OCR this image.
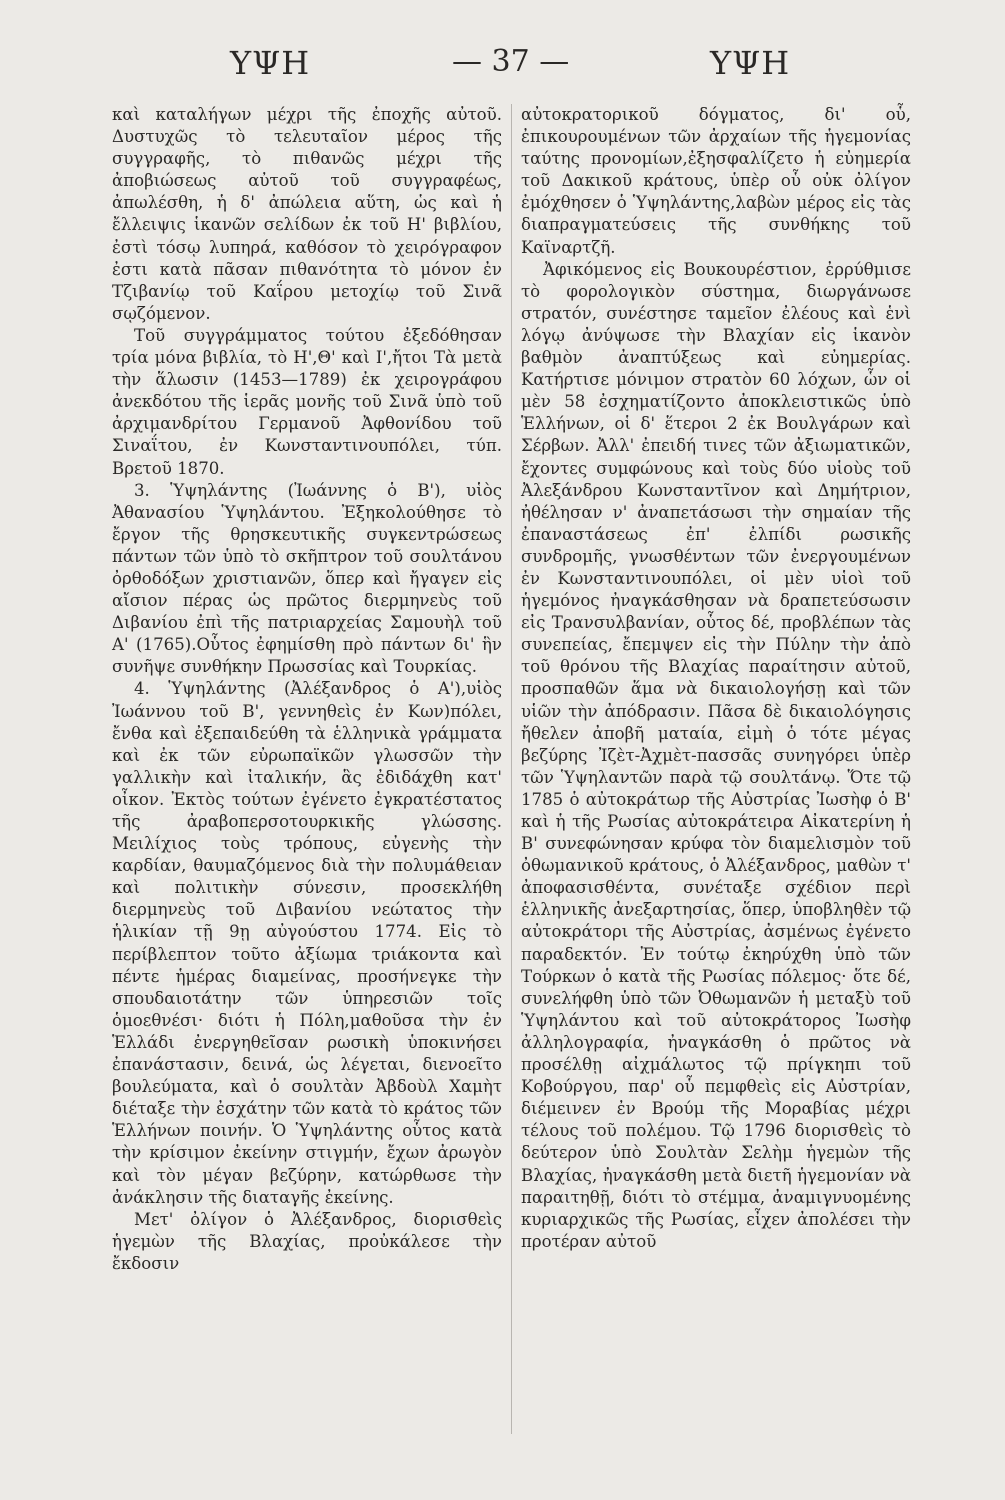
ΥΨΗ	— 37 —	ΥΨΗ

καὶ καταλήγων μέχρι τῆς ἐποχῆς αὐτοῦ. Δυστυχῶς τὸ τελευταῖον μέρος τῆς συγγραφῆς, τὸ πιθανῶς μέχρι τῆς ἀποβιώσεως αὐτοῦ τοῦ συγγραφέως, ἀπωλέσθη, ἡ δ' ἀπώλεια αὕτη, ὡς καὶ ἡ ἔλλειψις ἱκανῶν σελίδων ἐκ τοῦ Η' βιβλίου, ἐστὶ τόσῳ λυπηρά, καθόσον τὸ χειρόγραφον ἐστι κατὰ πᾶσαν πιθανότητα τὸ μόνον ἐν Τζιβανίῳ τοῦ Καΐρου μετοχίῳ τοῦ Σινᾶ σῳζόμενον.

Τοῦ συγγράμματος τούτου ἐξεδόθησαν τρία μόνα βιβλία, τὸ Η',Θ' καὶ Ι',ἤτοι Τὰ μετὰ τὴν ἅλωσιν (1453—1789) ἐκ χειρογράφου ἀνεκδότου τῆς ἱερᾶς μονῆς τοῦ Σινᾶ ὑπὸ τοῦ ἀρχιμανδρίτου Γερμανοῦ Ἀφθονίδου τοῦ Σιναΐτου, ἐν Κωνσταντινουπόλει, τύπ. Βρετοῦ 1870.

3. Ὑψηλάντης (Ἰωάννης ὁ Β'), υἱὸς Ἀθανασίου Ὑψηλάντου. Ἐξηκολούθησε τὸ ἔργον τῆς θρησκευτικῆς συγκεντρώσεως πάντων τῶν ὑπὸ τὸ σκῆπτρον τοῦ σουλτάνου ὀρθοδόξων χριστιανῶν, ὅπερ καὶ ἤγαγεν εἰς αἴσιον πέρας ὡς πρῶτος διερμηνεὺς τοῦ Διβανίου ἐπὶ τῆς πατριαρχείας Σαμουὴλ τοῦ Α' (1765).Οὗτος ἐφημίσθη πρὸ πάντων δι' ἣν συνῆψε συνθήκην Πρωσσίας καὶ Τουρκίας.

4. Ὑψηλάντης (Ἀλέξανδρος ὁ Α'),υἱὸς Ἰωάννου τοῦ Β', γεννηθεὶς ἐν Κων)πόλει, ἔνθα καὶ ἐξεπαιδεύθη τὰ ἑλληνικὰ γράμματα καὶ ἐκ τῶν εὐρωπαϊκῶν γλωσσῶν τὴν γαλλικὴν καὶ ἰταλικήν, ἃς ἐδιδάχθη κατ' οἶκον. Ἐκτὸς τούτων ἐγένετο ἐγκρατέστατος τῆς ἀραβοπερσοτουρκικῆς γλώσσης. Μειλίχιος τοὺς τρόπους, εὐγενὴς τὴν καρδίαν, θαυμαζόμενος διὰ τὴν πολυμάθειαν καὶ πολιτικὴν σύνεσιν, προσεκλήθη διερμηνεὺς τοῦ Διβανίου νεώτατος τὴν ἡλικίαν τῇ 9ῃ αὐγούστου 1774. Εἰς τὸ περίβλεπτον τοῦτο ἀξίωμα τριάκοντα καὶ πέντε ἡμέρας διαμείνας, προσήνεγκε τὴν σπουδαιοτάτην τῶν ὑπηρεσιῶν τοῖς ὁμοεθνέσι· διότι ἡ Πόλη,μαθοῦσα τὴν ἐν Ἑλλάδι ἐνεργηθεῖσαν ρωσικὴ ὑποκινήσει ἐπανάστασιν, δεινά, ὡς λέγεται, διενοεῖτο βουλεύματα, καὶ ὁ σουλτὰν Ἀβδοὺλ Χαμὴτ διέταξε τὴν ἐσχάτην τῶν κατὰ τὸ κράτος τῶν Ἑλλήνων ποινήν. Ὁ Ὑψηλάντης οὗτος κατὰ τὴν κρίσιμον ἐκείνην στιγμήν, ἔχων ἀρωγὸν καὶ τὸν μέγαν βεζύρην, κατώρθωσε τὴν ἀνάκλησιν τῆς διαταγῆς ἐκείνης.

Μετ' ὀλίγον ὁ Ἀλέξανδρος, διορισθεὶς ἡγεμὼν τῆς Βλαχίας, προὐκάλεσε τὴν ἔκδοσιν

αὐτοκρατορικοῦ δόγματος, δι' οὗ, ἐπικουρουμένων τῶν ἀρχαίων τῆς ἡγεμονίας ταύτης προνομίων,ἐξησφαλίζετο ἡ εὐημερία τοῦ Δακικοῦ κράτους, ὑπὲρ οὗ οὐκ ὀλίγον ἐμόχθησεν ὁ Ὑψηλάντης,λαβὼν μέρος εἰς τὰς διαπραγματεύσεις τῆς συνθήκης τοῦ Καϊναρτζῆ.

Ἀφικόμενος εἰς Βουκουρέστιον, ἐρρύθμισε τὸ φορολογικὸν σύστημα, διωργάνωσε στρατόν, συνέστησε ταμεῖον ἐλέους καὶ ἑνὶ λόγῳ ἀνύψωσε τὴν Βλαχίαν εἰς ἱκανὸν βαθμὸν ἀναπτύξεως καὶ εὐημερίας. Κατήρτισε μόνιμον στρατὸν 60 λόχων, ὧν οἱ μὲν 58 ἐσχηματίζοντο ἀποκλειστικῶς ὑπὸ Ἑλλήνων, οἱ δ' ἕτεροι 2 ἐκ Βουλγάρων καὶ Σέρβων. Ἀλλ' ἐπειδή τινες τῶν ἀξιωματικῶν, ἔχοντες συμφώνους καὶ τοὺς δύο υἱοὺς τοῦ Ἀλεξάνδρου Κωνσταντῖνον καὶ Δημήτριον, ἠθέλησαν ν' ἀναπετάσωσι τὴν σημαίαν τῆς ἐπαναστάσεως ἐπ' ἐλπίδι ρωσικῆς συνδρομῆς, γνωσθέντων τῶν ἐνεργουμένων ἐν Κωνσταντινουπόλει, οἱ μὲν υἱοὶ τοῦ ἡγεμόνος ἠναγκάσθησαν νὰ δραπετεύσωσιν εἰς Τρανσυλβανίαν, οὗτος δέ, προβλέπων τὰς συνεπείας, ἔπεμψεν εἰς τὴν Πύλην τὴν ἀπὸ τοῦ θρόνου τῆς Βλαχίας παραίτησιν αὐτοῦ, προσπαθῶν ἅμα νὰ δικαιολογήσῃ καὶ τῶν υἱῶν τὴν ἀπόδρασιν. Πᾶσα δὲ δικαιολόγησις ἤθελεν ἀποβῆ ματαία, εἰμὴ ὁ τότε μέγας βεζύρης Ἰζὲτ-Ἀχμὲτ-πασσᾶς συνηγόρει ὑπὲρ τῶν Ὑψηλαντῶν παρὰ τῷ σουλτάνῳ. Ὅτε τῷ 1785 ὁ αὐτοκράτωρ τῆς Αὐστρίας Ἰωσὴφ ὁ Β' καὶ ἡ τῆς Ρωσίας αὐτοκράτειρα Αἰκατερίνη ἡ Β' συνεφώνησαν κρύφα τὸν διαμελισμὸν τοῦ ὀθωμανικοῦ κράτους, ὁ Ἀλέξανδρος, μαθὼν τ' ἀποφασισθέντα, συνέταξε σχέδιον περὶ ἑλληνικῆς ἀνεξαρτησίας, ὅπερ, ὑποβληθὲν τῷ αὐτοκράτορι τῆς Αὐστρίας, ἀσμένως ἐγένετο παραδεκτόν. Ἐν τούτῳ ἐκηρύχθη ὑπὸ τῶν Τούρκων ὁ κατὰ τῆς Ρωσίας πόλεμος· ὅτε δέ, συνελήφθη ὑπὸ τῶν Ὀθωμανῶν ἡ μεταξὺ τοῦ Ὑψηλάντου καὶ τοῦ αὐτοκράτορος Ἰωσὴφ ἀλληλογραφία, ἠναγκάσθη ὁ πρῶτος νὰ προσέλθῃ αἰχμάλωτος τῷ πρίγκηπι τοῦ Κοβούργου, παρ' οὗ πεμφθεὶς εἰς Αὐστρίαν, διέμεινεν ἐν Βρούμ τῆς Μοραβίας μέχρι τέλους τοῦ πολέμου. Τῷ 1796 διορισθεὶς τὸ δεύτερον ὑπὸ Σουλτὰν Σελὴμ ἡγεμὼν τῆς Βλαχίας, ἠναγκάσθη μετὰ διετῆ ἡγεμονίαν νὰ παραιτηθῇ, διότι τὸ στέμμα, ἀναμιγνυομένης κυριαρχικῶς τῆς Ρωσίας, εἶχεν ἀπολέσει τὴν προτέραν αὐτοῦ
